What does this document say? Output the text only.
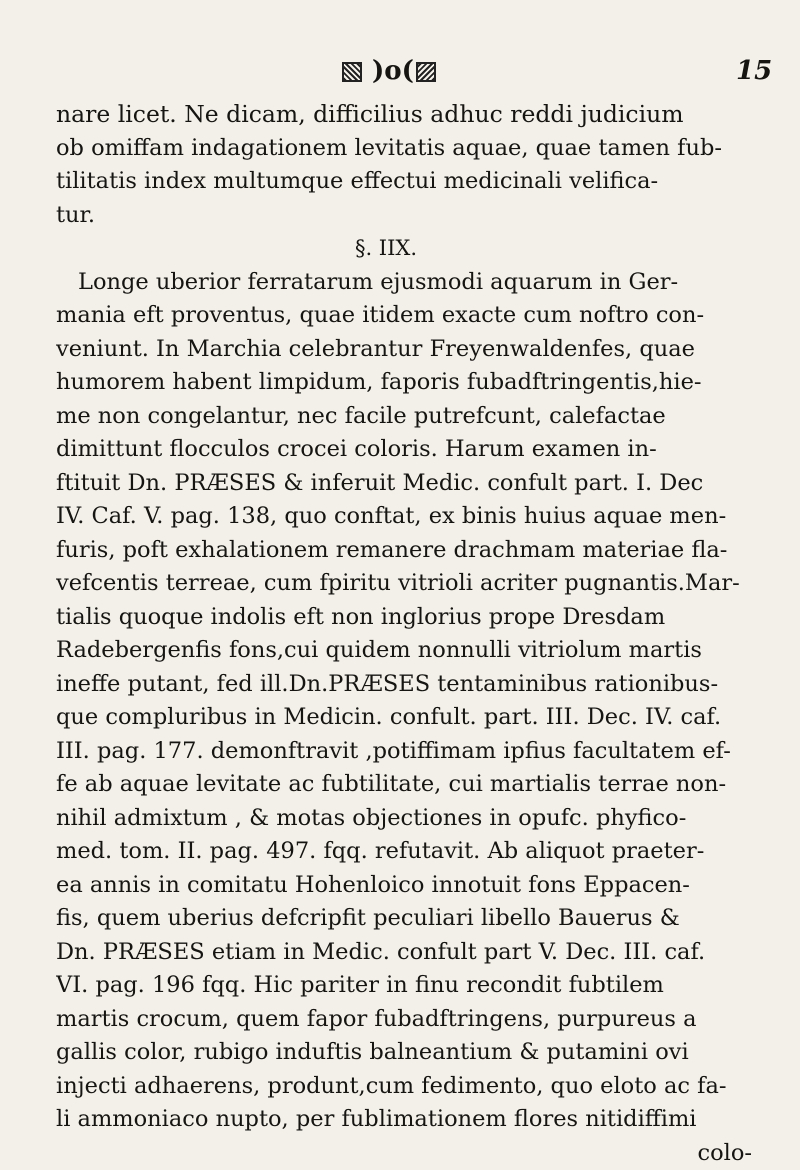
)o(	15
nare licet. Ne dicam, difficilius adhuc reddi judicium
ob omiffam indagationem levitatis aquae, quae tamen fub-
tilitatis index multumque effectui medicinali velifica-
tur.
§. IIX.
Longe uberior ferratarum ejusmodi aquarum in Ger-
mania eft proventus, quae itidem exacte cum noftro con-
veniunt. In Marchia celebrantur Freyenwaldenfes, quae
humorem habent limpidum, faporis fubadftringentis,hie-
me non congelantur, nec facile putrefcunt, calefactae
dimittunt flocculos crocei coloris. Harum examen in-
ftituit Dn. PRÆSES & inferuit Medic. confult part. I. Dec
IV. Caf. V. pag. 138, quo conftat, ex binis huius aquae men-
furis, poft exhalationem remanere drachmam materiae fla-
vefcentis terreae, cum fpiritu vitrioli acriter pugnantis.Mar-
tialis quoque indolis eft non inglorius prope Dresdam
Radebergenfis fons,cui quidem nonnulli vitriolum martis
ineffe putant, fed ill.Dn.PRÆSES tentaminibus rationibus-
que compluribus in Medicin. confult. part. III. Dec. IV. caf.
III. pag. 177. demonftravit ,potiffimam ipfius facultatem ef-
fe ab aquae levitate ac fubtilitate, cui martialis terrae non-
nihil admixtum , & motas objectiones in opufc. phyfico-
med. tom. II. pag. 497. fqq. refutavit. Ab aliquot praeter-
ea annis in comitatu Hohenloico innotuit fons Eppacen-
fis, quem uberius defcripfit peculiari libello Bauerus &
Dn. PRÆSES etiam in Medic. confult part V. Dec. III. caf.
VI. pag. 196 fqq. Hic pariter in finu recondit fubtilem
martis crocum, quem fapor fubadftringens, purpureus a
gallis color, rubigo induftis balneantium & putamini ovi
injecti adhaerens, produnt,cum fedimento, quo eloto ac fa-
li ammoniaco nupto, per fublimationem flores nitidiffimi
colo-
